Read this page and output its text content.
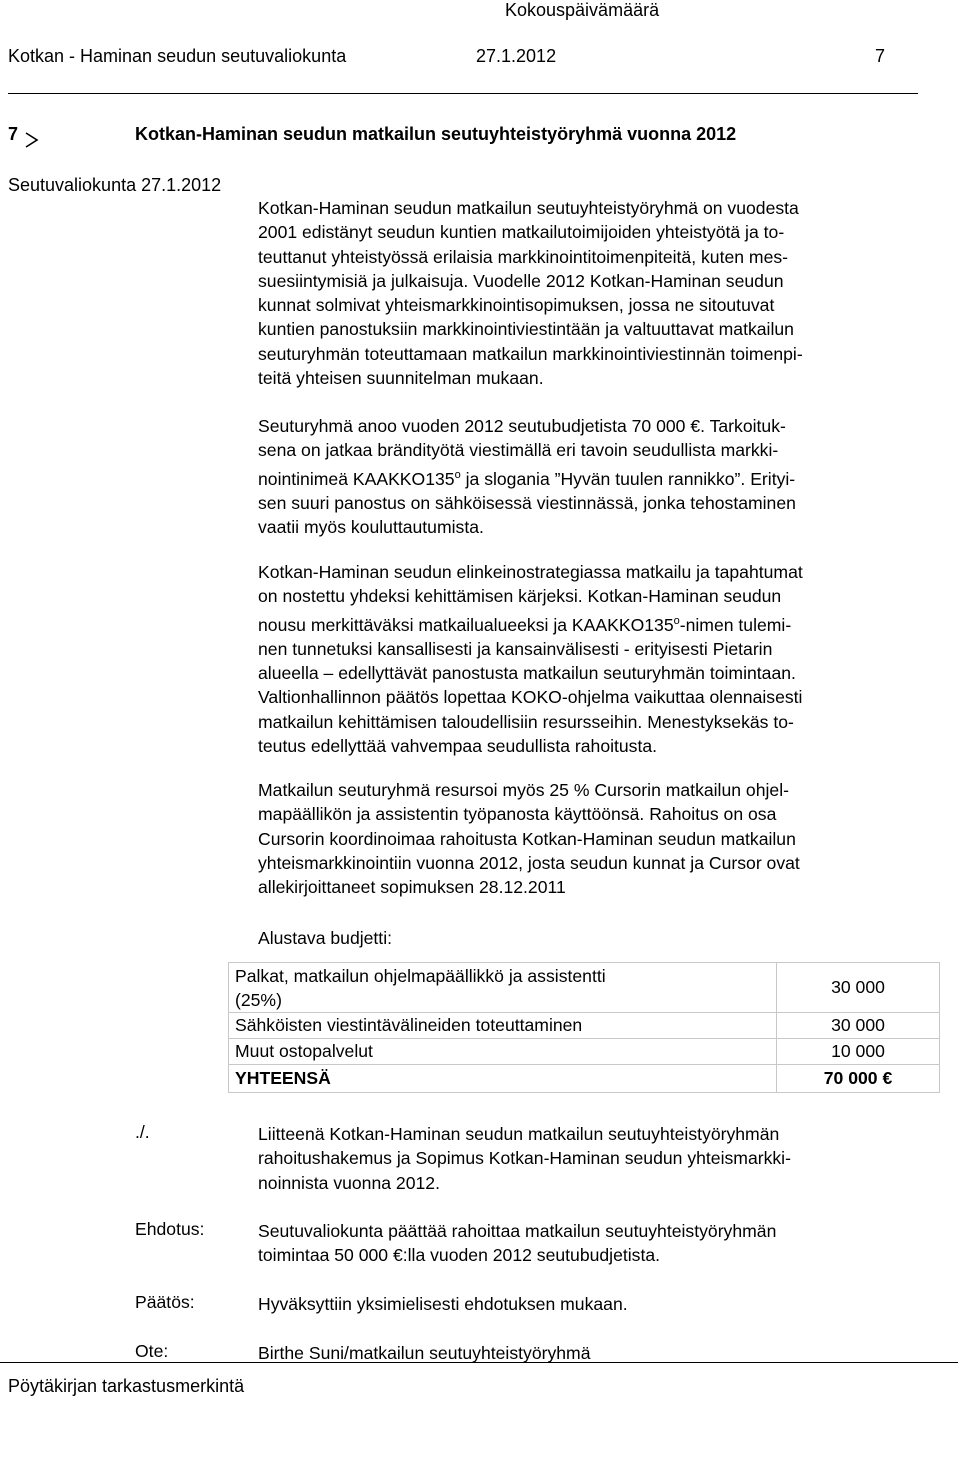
Kokouspäivämäärä
Kotkan - Haminan seudun seutuvaliokunta	27.1.2012	7
7	Kotkan-Haminan seudun matkailun seutuyhteistyöryhmä vuonna 2012
Seutuvaliokunta 27.1.2012
Kotkan-Haminan seudun matkailun seutuyhteistyöryhmä on vuodesta
2001 edistänyt seudun kuntien matkailutoimijoiden yhteistyötä ja to-
teuttanut yhteistyössä erilaisia markkinointitoimenpiteitä, kuten mes-
suesiintymisiä ja julkaisuja. Vuodelle 2012 Kotkan-Haminan seudun
kunnat solmivat yhteismarkkinointisopimuksen, jossa ne sitoutuvat
kuntien panostuksiin markkinointiviestintään ja valtuuttavat matkailun
seuturyhmän toteuttamaan matkailun markkinointiviestinnän toimenpi-
teitä yhteisen suunnitelman mukaan.
Seuturyhmä anoo vuoden 2012 seutubudjetista 70 000 €. Tarkoituk-
sena on jatkaa brändityötä viestimällä eri tavoin seudullista markki-
nointinimeä KAAKKO135$^o$ ja slogania ”Hyvän tuulen rannikko”. Erityi-
sen suuri panostus on sähköisessä viestinnässä, jonka tehostaminen
vaatii myös kouluttautumista.
Kotkan-Haminan seudun elinkeinostrategiassa matkailu ja tapahtumat
on nostettu yhdeksi kehittämisen kärjeksi. Kotkan-Haminan seudun
nousu merkittäväksi matkailualueeksi ja KAAKKO135$^o$-nimen tulemi-
nen tunnetuksi kansallisesti ja kansainvälisesti - erityisesti Pietarin
alueella – edellyttävät panostusta matkailun seuturyhmän toimintaan.
Valtionhallinnon päätös lopettaa KOKO-ohjelma vaikuttaa olennaisesti
matkailun kehittämisen taloudellisiin resursseihin. Menestyksekäs to-
teutus edellyttää vahvempaa seudullista rahoitusta.
Matkailun seuturyhmä resursoi myös 25 % Cursorin matkailun ohjel-
mapäällikön ja assistentin työpanosta käyttöönsä. Rahoitus on osa
Cursorin koordinoimaa rahoitusta Kotkan-Haminan seudun matkailun
yhteismarkkinointiin vuonna 2012, josta seudun kunnat ja Cursor ovat
allekirjoittaneet sopimuksen 28.12.2011
Alustava budjetti:
Palkat, matkailun ohjelmapäällikkö ja assistentti
(25%)	30 000
Sähköisten viestintävälineiden toteuttaminen	30 000
Muut ostopalvelut	10 000
YHTEENSÄ	70 000 €
./.	Liitteenä Kotkan-Haminan seudun matkailun seutuyhteistyöryhmän
rahoitushakemus ja Sopimus Kotkan-Haminan seudun yhteismarkki-
noinnista vuonna 2012.
Ehdotus:	Seutuvaliokunta päättää rahoittaa matkailun seutuyhteistyöryhmän
toimintaa 50 000 €:lla vuoden 2012 seutubudjetista.
Päätös:	Hyväksyttiin yksimielisesti ehdotuksen mukaan.
Ote:	Birthe Suni/matkailun seutuyhteistyöryhmä
Pöytäkirjan tarkastusmerkintä
